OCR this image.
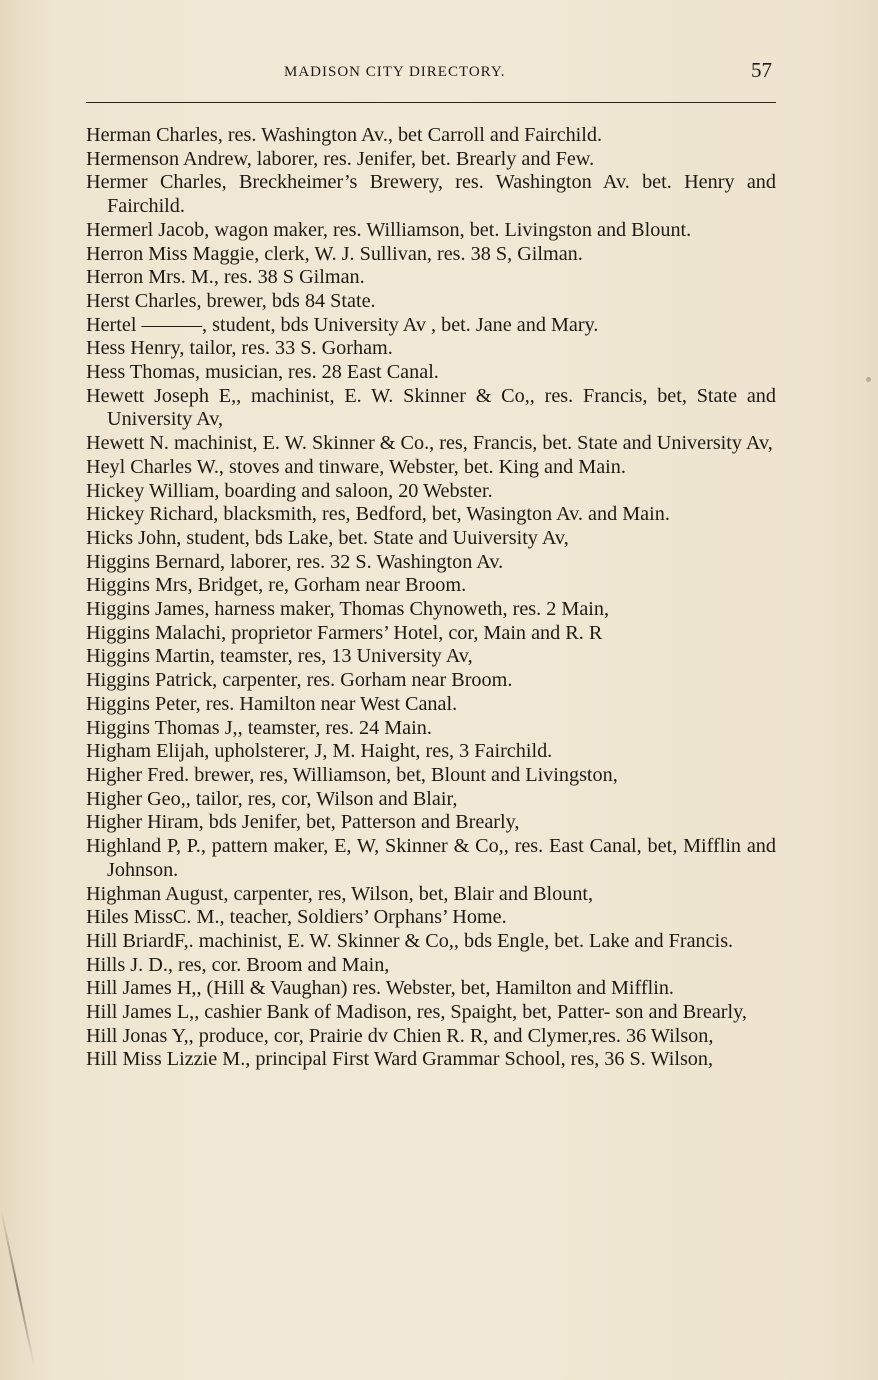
MADISON CITY DIRECTORY.	57
Herman Charles, res. Washington Av., bet Carroll and Fairchild.
Hermenson Andrew, laborer, res. Jenifer, bet. Brearly and Few.
Hermer Charles, Breckheimer’s Brewery, res. Washington Av. bet. Henry and Fairchild.
Hermerl Jacob, wagon maker, res. Williamson, bet. Livingston and Blount.
Herron Miss Maggie, clerk, W. J. Sullivan, res. 38 S, Gilman.
Herron Mrs. M., res. 38 S Gilman.
Herst Charles, brewer, bds 84 State.
Hertel ———, student, bds University Av , bet. Jane and Mary.
Hess Henry, tailor, res. 33 S. Gorham.
Hess Thomas, musician, res. 28 East Canal.
Hewett Joseph E,, machinist, E. W. Skinner & Co,, res. Francis, bet, State and University Av,
Hewett N. machinist, E. W. Skinner & Co., res, Francis, bet. State and University Av,
Heyl Charles W., stoves and tinware, Webster, bet. King and Main.
Hickey William, boarding and saloon, 20 Webster.
Hickey Richard, blacksmith, res, Bedford, bet, Wasington Av. and Main.
Hicks John, student, bds Lake, bet. State and Uuiversity Av,
Higgins Bernard, laborer, res. 32 S. Washington Av.
Higgins Mrs, Bridget, re, Gorham near Broom.
Higgins James, harness maker, Thomas Chynoweth, res. 2 Main,
Higgins Malachi, proprietor Farmers’ Hotel, cor, Main and R. R
Higgins Martin, teamster, res, 13 University Av,
Higgins Patrick, carpenter, res. Gorham near Broom.
Higgins Peter, res. Hamilton near West Canal.
Higgins Thomas J,, teamster, res. 24 Main.
Higham Elijah, upholsterer, J, M. Haight, res, 3 Fairchild.
Higher Fred. brewer, res, Williamson, bet, Blount and Livingston,
Higher Geo,, tailor, res, cor, Wilson and Blair,
Higher Hiram, bds Jenifer, bet, Patterson and Brearly,
Highland P, P., pattern maker, E, W, Skinner & Co,, res. East Canal, bet, Mifflin and Johnson.
Highman August, carpenter, res, Wilson, bet, Blair and Blount,
Hiles MissC. M., teacher, Soldiers’ Orphans’ Home.
Hill BriardF,. machinist, E. W. Skinner & Co,, bds Engle, bet. Lake and Francis.
Hills J. D., res, cor. Broom and Main,
Hill James H,, (Hill & Vaughan) res. Webster, bet, Hamilton and Mifflin.
Hill James L,, cashier Bank of Madison, res, Spaight, bet, Patter- son and Brearly,
Hill Jonas Y,, produce, cor, Prairie dv Chien R. R, and Clymer,res. 36 Wilson,
Hill Miss Lizzie M., principal First Ward Grammar School, res, 36 S. Wilson,
